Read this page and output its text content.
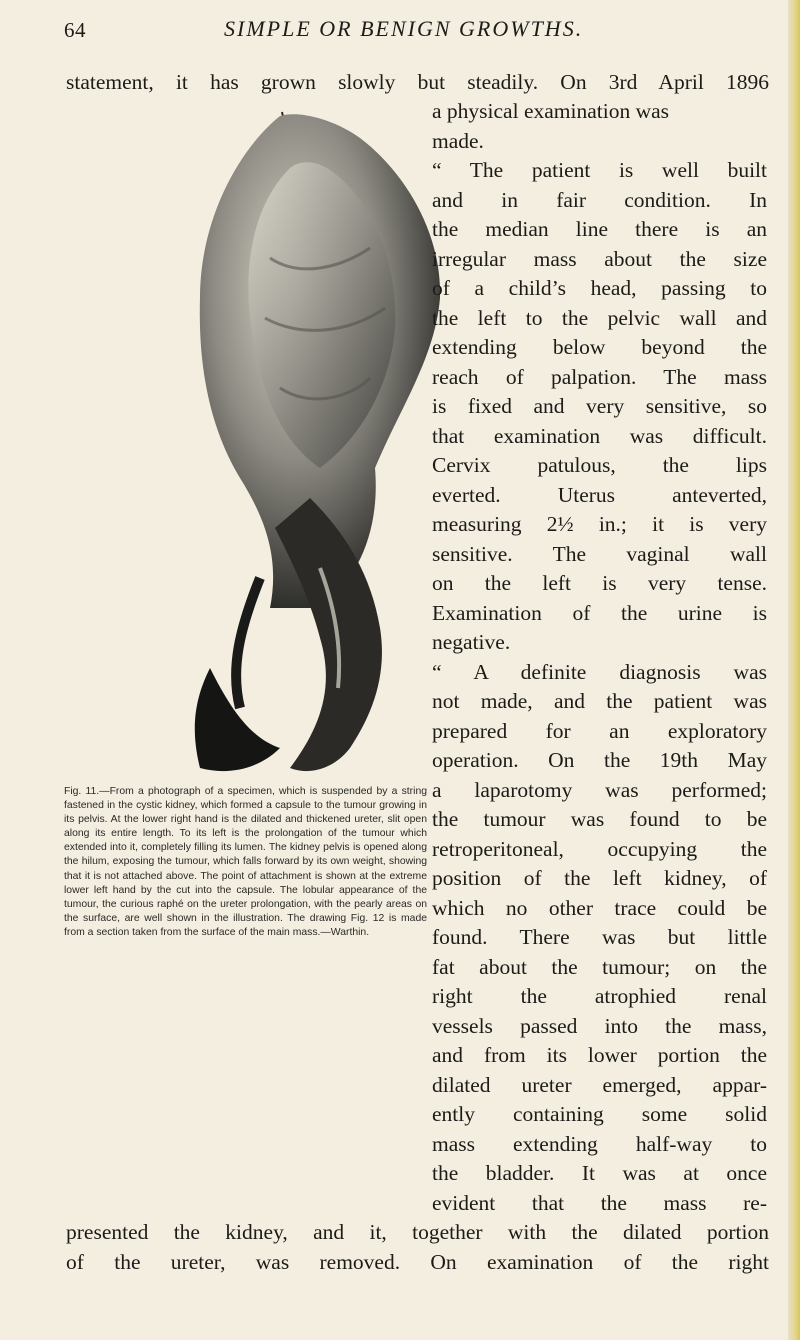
64	SIMPLE OR BENIGN GROWTHS.
statement, it has grown slowly but steadily. On 3rd April 1896
Fig. 11.—From a photograph of a specimen, which is suspended by a string fastened in the cystic kidney, which formed a capsule to the tumour growing in its pelvis. At the lower right hand is the dilated and thickened ureter, slit open along its entire length. To its left is the prolongation of the tumour which extended into it, completely filling its lumen. The kidney pelvis is opened along the hilum, exposing the tumour, which falls forward by its own weight, showing that it is not attached above. The point of attachment is shown at the extreme lower left hand by the cut into the capsule. The lobular appearance of the tumour, the curious raphé on the ureter prolongation, with the pearly areas on the surface, are well shown in the illustration. The drawing Fig. 12 is made from a section taken from the surface of the main mass.—Warthin.
a physical examination was
made.
“ The patient is well built
and in fair condition. In
the median line there is an
irregular mass about the size
of a child’s head, passing to
the left to the pelvic wall and
extending below beyond the
reach of palpation. The mass
is fixed and very sensitive, so
that examination was difficult.
Cervix patulous, the lips
everted. Uterus anteverted,
measuring 2½ in.; it is very
sensitive. The vaginal wall
on the left is very tense.
Examination of the urine is
negative.
“ A definite diagnosis was
not made, and the patient was
prepared for an exploratory
operation. On the 19th May
a laparotomy was performed;
the tumour was found to be
retroperitoneal, occupying the
position of the left kidney, of
which no other trace could be
found. There was but little
fat about the tumour; on the
right the atrophied renal
vessels passed into the mass,
and from its lower portion the
dilated ureter emerged, appar-
ently containing some solid
mass extending half-way to
the bladder. It was at once
evident that the mass re-
presented the kidney, and it, together with the dilated portion
of the ureter, was removed. On examination of the right
